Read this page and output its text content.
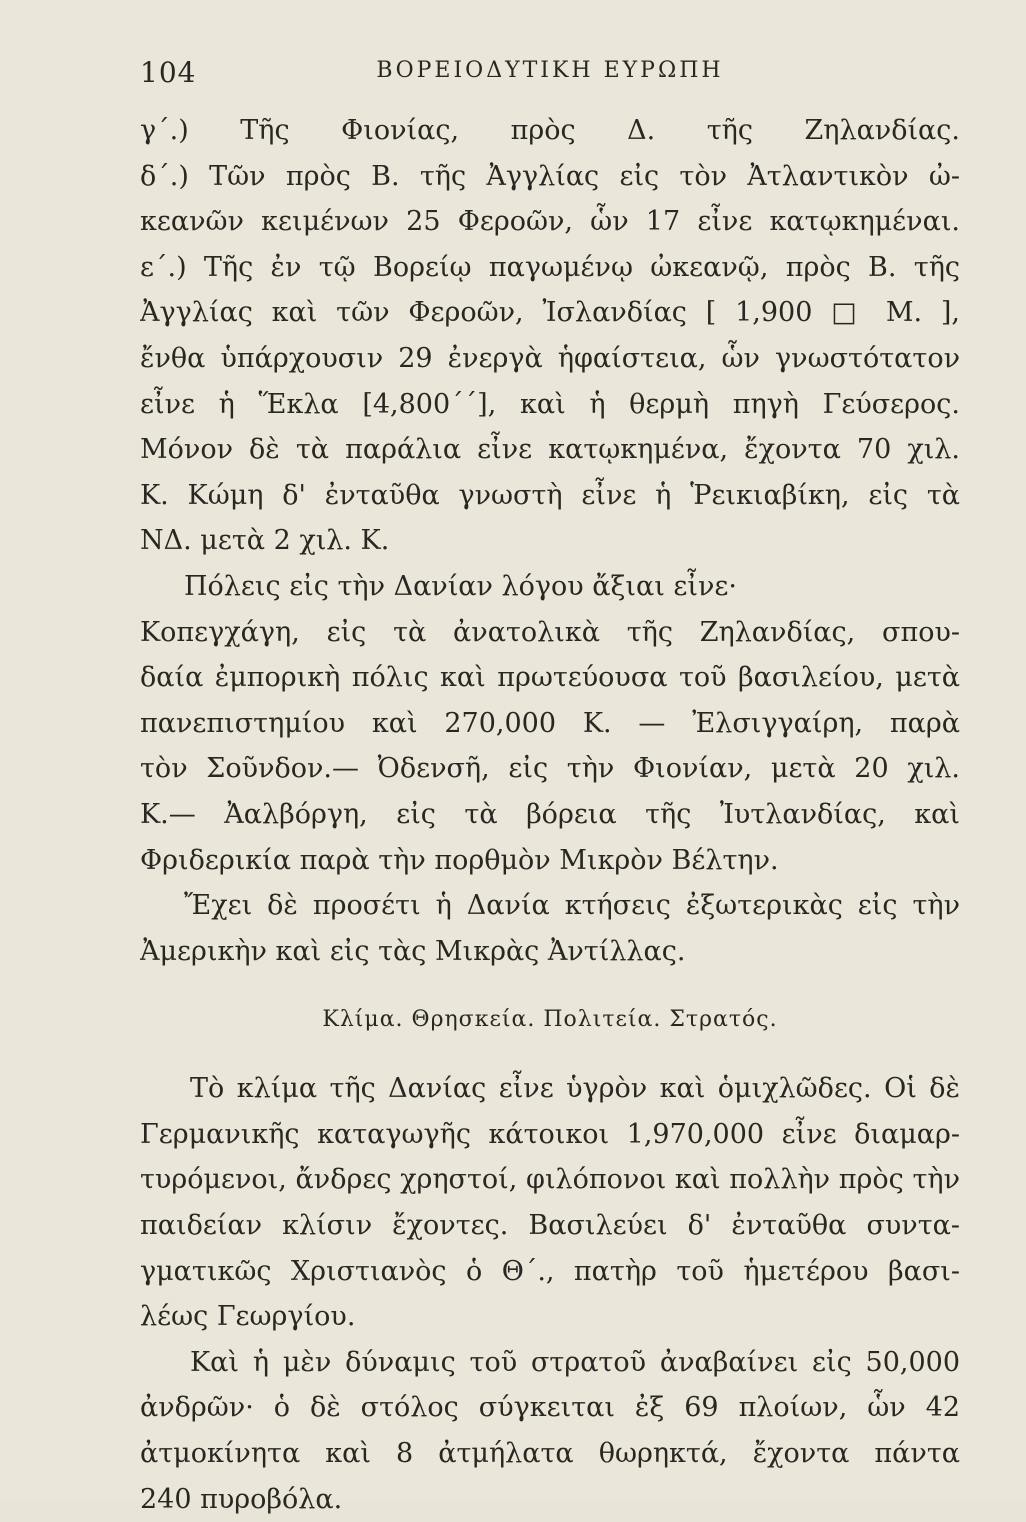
104	ΒΟΡΕΙΟΔΥΤΙΚΗ ΕΥΡΩΠΗ
γ΄.) Τῆς Φιονίας, πρὸς Δ. τῆς Ζηλανδίας.
δ΄.) Τῶν πρὸς Β. τῆς Ἀγγλίας εἰς τὸν Ἀτλαντικὸν ὠ-
κεανῶν κειμένων 25 Φεροῶν, ὧν 17 εἶνε κατῳκημέναι.
ε΄.) Τῆς ἐν τῷ Βορείῳ παγωμένῳ ὠκεανῷ, πρὸς Β. τῆς
Ἀγγλίας καὶ τῶν Φεροῶν, Ἰσλανδίας [ 1,900 □ Μ. ],
ἔνθα ὑπάρχουσιν 29 ἐνεργὰ ἡφαίστεια, ὧν γνωστότατον
εἶνε ἡ Ἕκλα [4,800΄΄], καὶ ἡ θερμὴ πηγὴ Γεύσερος.
Μόνον δὲ τὰ παράλια εἶνε κατῳκημένα, ἔχοντα 70 χιλ.
Κ. Κώμη δ' ἐνταῦθα γνωστὴ εἶνε ἡ Ῥεικιαβίκη, εἰς τὰ
ΝΔ. μετὰ 2 χιλ. Κ.
Πόλεις εἰς τὴν Δανίαν λόγου ἄξιαι εἶνε·
Κοπεγχάγη, εἰς τὰ ἀνατολικὰ τῆς Ζηλανδίας, σπου-
δαία ἐμπορικὴ πόλις καὶ πρωτεύουσα τοῦ βασιλείου, μετὰ
πανεπιστημίου καὶ 270,000 Κ. — Ἐλσιγγαίρη, παρὰ
τὸν Σοῦνδον.— Ὀδενσῆ, εἰς τὴν Φιονίαν, μετὰ 20 χιλ.
Κ.— Ἀαλβόργη, εἰς τὰ βόρεια τῆς Ἰυτλανδίας, καὶ
Φριδερικία παρὰ τὴν πορθμὸν Μικρὸν Βέλτην.
Ἔχει δὲ προσέτι ἡ Δανία κτήσεις ἐξωτερικὰς εἰς τὴν
Ἀμερικὴν καὶ εἰς τὰς Μικρὰς Ἀντίλλας.
Κλίμα. Θρησκεία. Πολιτεία. Στρατός.
Τὸ κλίμα τῆς Δανίας εἶνε ὑγρὸν καὶ ὁμιχλῶδες. Οἱ δὲ
Γερμανικῆς καταγωγῆς κάτοικοι 1,970,000 εἶνε διαμαρ-
τυρόμενοι, ἄνδρες χρηστοί, φιλόπονοι καὶ πολλὴν πρὸς τὴν
παιδείαν κλίσιν ἔχοντες. Βασιλεύει δ' ἐνταῦθα συντα-
γματικῶς Χριστιανὸς ὁ Θ΄., πατὴρ τοῦ ἡμετέρου βασι-
λέως Γεωργίου.
Καὶ ἡ μὲν δύναμις τοῦ στρατοῦ ἀναβαίνει εἰς 50,000
ἀνδρῶν· ὁ δὲ στόλος σύγκειται ἐξ 69 πλοίων, ὧν 42
ἀτμοκίνητα καὶ 8 ἀτμήλατα θωρηκτά, ἔχοντα πάντα
240 πυροβόλα.
